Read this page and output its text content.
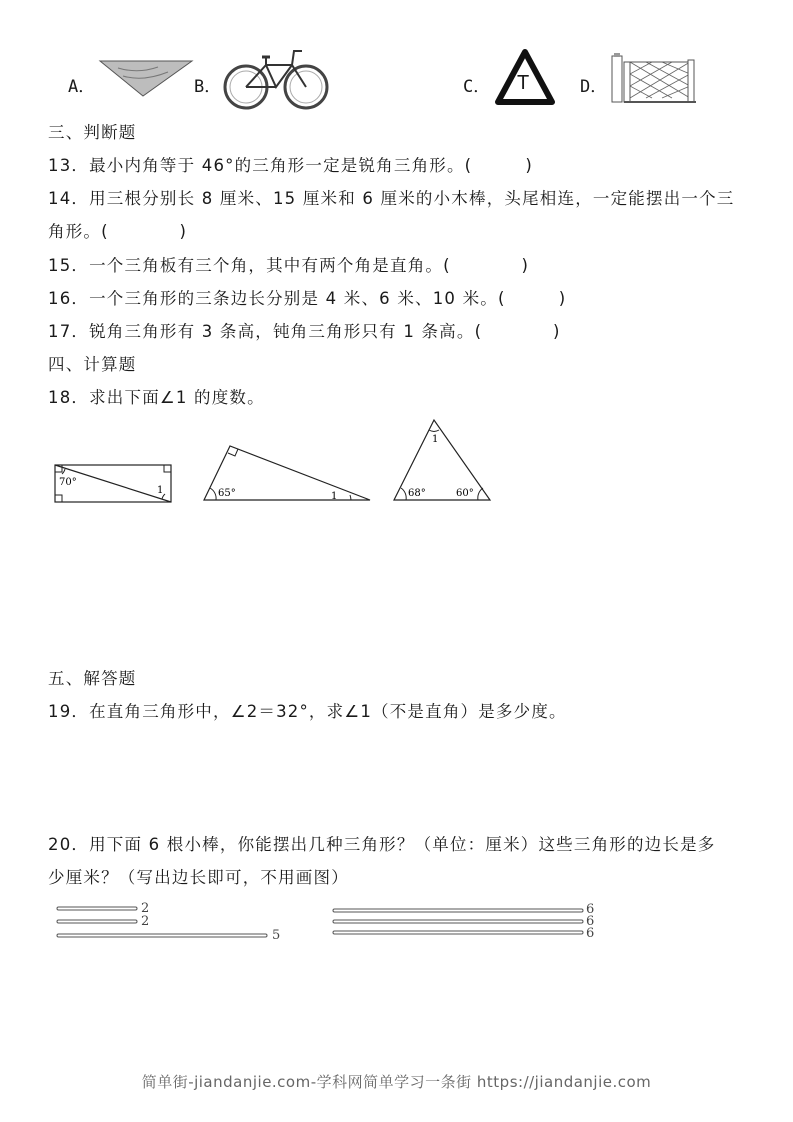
A．	B．	C． T	D．
三、判断题
13．最小内角等于 46°的三角形一定是锐角三角形。(　　　)
14．用三根分别长 8 厘米、15 厘米和 6 厘米的小木棒，头尾相连，一定能摆出一个三
角形。(　　　　)
15．一个三角板有三个角，其中有两个角是直角。(　　　　)
16．一个三角形的三条边长分别是 4 米、6 米、10 米。(　　　)
17．锐角三角形有 3 条高，钝角三角形只有 1 条高。(　　　　)
四、计算题
18．求出下面∠1 的度数。
70°
1	65°	1
1
68°	60°
五、解答题
19．在直角三角形中，∠2＝32°，求∠1（不是直角）是多少度。
20．用下面 6 根小棒，你能摆出几种三角形？（单位：厘米）这些三角形的边长是多
少厘米？（写出边长即可，不用画图）
2
2
5
6
6
6
简单街-jiandanjie.com-学科网简单学习一条街 https://jiandanjie.com
